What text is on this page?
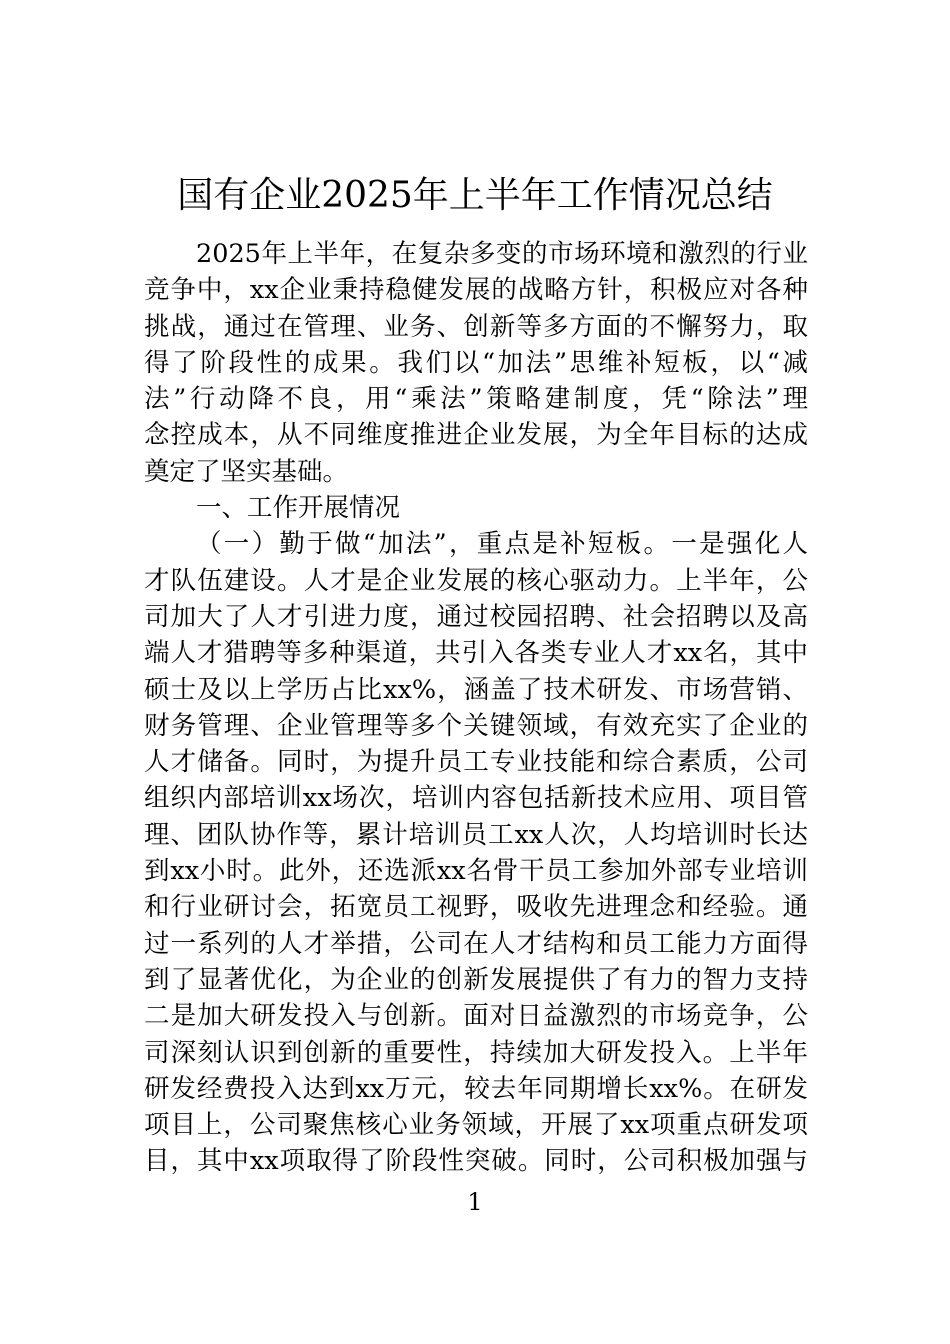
国有企业2025年上半年工作情况总结
2025年上半年，在复杂多变的市场环境和激烈的行业
竞争中，xx企业秉持稳健发展的战略方针，积极应对各种
挑战，通过在管理、业务、创新等多方面的不懈努力，取
得了阶段性的成果。我们以“加法”思维补短板，以“减
法”行动降不良，用“乘法”策略建制度，凭“除法”理
念控成本，从不同维度推进企业发展，为全年目标的达成
奠定了坚实基础。
一、工作开展情况
（一）勤于做“加法”，重点是补短板。一是强化人
才队伍建设。人才是企业发展的核心驱动力。上半年，公
司加大了人才引进力度，通过校园招聘、社会招聘以及高
端人才猎聘等多种渠道，共引入各类专业人才xx名，其中
硕士及以上学历占比xx%，涵盖了技术研发、市场营销、
财务管理、企业管理等多个关键领域，有效充实了企业的
人才储备。同时，为提升员工专业技能和综合素质，公司
组织内部培训xx场次，培训内容包括新技术应用、项目管
理、团队协作等，累计培训员工xx人次，人均培训时长达
到xx小时。此外，还选派xx名骨干员工参加外部专业培训
和行业研讨会，拓宽员工视野，吸收先进理念和经验。通
过一系列的人才举措，公司在人才结构和员工能力方面得
到了显著优化，为企业的创新发展提供了有力的智力支持
二是加大研发投入与创新。面对日益激烈的市场竞争，公
司深刻认识到创新的重要性，持续加大研发投入。上半年
研发经费投入达到xx万元，较去年同期增长xx%。在研发
项目上，公司聚焦核心业务领域，开展了xx项重点研发项
目，其中xx项取得了阶段性突破。同时，公司积极加强与
1
